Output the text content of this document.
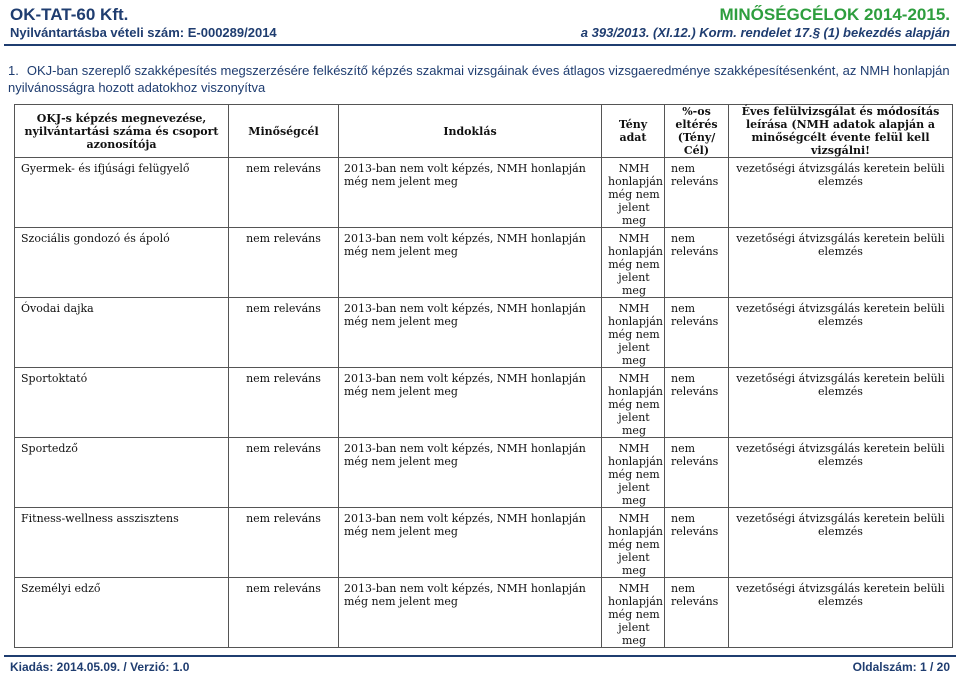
OK-TAT-60 Kft.
Nyilvántartásba vételi szám: E-000289/2014
MINŐSÉGCÉLOK 2014-2015.
a 393/2013. (XI.12.) Korm. rendelet 17.§ (1) bekezdés alapján
1. OKJ-ban szereplő szakképesítés megszerzésére felkészítő képzés szakmai vizsgáinak éves átlagos vizsgaeredménye szakképesítésenként, az NMH honlapján nyilvánosságra hozott adatokhoz viszonyítva
OKJ-s képzés megnevezése, nyilvántartási száma és csoport azonosítója	Minőségcél	Indoklás	Tény adat	%-os eltérés (Tény/ Cél)	Éves felülvizsgálat és módosítás leírása (NMH adatok alapján a minőségcélt évente felül kell vizsgálni!
Gyermek- és ifjúsági felügyelő	nem releváns	2013-ban nem volt képzés, NMH honlapján még nem jelent meg	NMH honlapján még nem jelent meg	nem releváns	vezetőségi átvizsgálás keretein belüli elemzés
Szociális gondozó és ápoló	nem releváns	2013-ban nem volt képzés, NMH honlapján még nem jelent meg	NMH honlapján még nem jelent meg	nem releváns	vezetőségi átvizsgálás keretein belüli elemzés
Óvodai dajka	nem releváns	2013-ban nem volt képzés, NMH honlapján még nem jelent meg	NMH honlapján még nem jelent meg	nem releváns	vezetőségi átvizsgálás keretein belüli elemzés
Sportoktató	nem releváns	2013-ban nem volt képzés, NMH honlapján még nem jelent meg	NMH honlapján még nem jelent meg	nem releváns	vezetőségi átvizsgálás keretein belüli elemzés
Sportedző	nem releváns	2013-ban nem volt képzés, NMH honlapján még nem jelent meg	NMH honlapján még nem jelent meg	nem releváns	vezetőségi átvizsgálás keretein belüli elemzés
Fitness-wellness asszisztens	nem releváns	2013-ban nem volt képzés, NMH honlapján még nem jelent meg	NMH honlapján még nem jelent meg	nem releváns	vezetőségi átvizsgálás keretein belüli elemzés
Személyi edző	nem releváns	2013-ban nem volt képzés, NMH honlapján még nem jelent meg	NMH honlapján még nem jelent meg	nem releváns	vezetőségi átvizsgálás keretein belüli elemzés
Kiadás: 2014.05.09. / Verzió: 1.0	Oldalszám: 1 / 20
